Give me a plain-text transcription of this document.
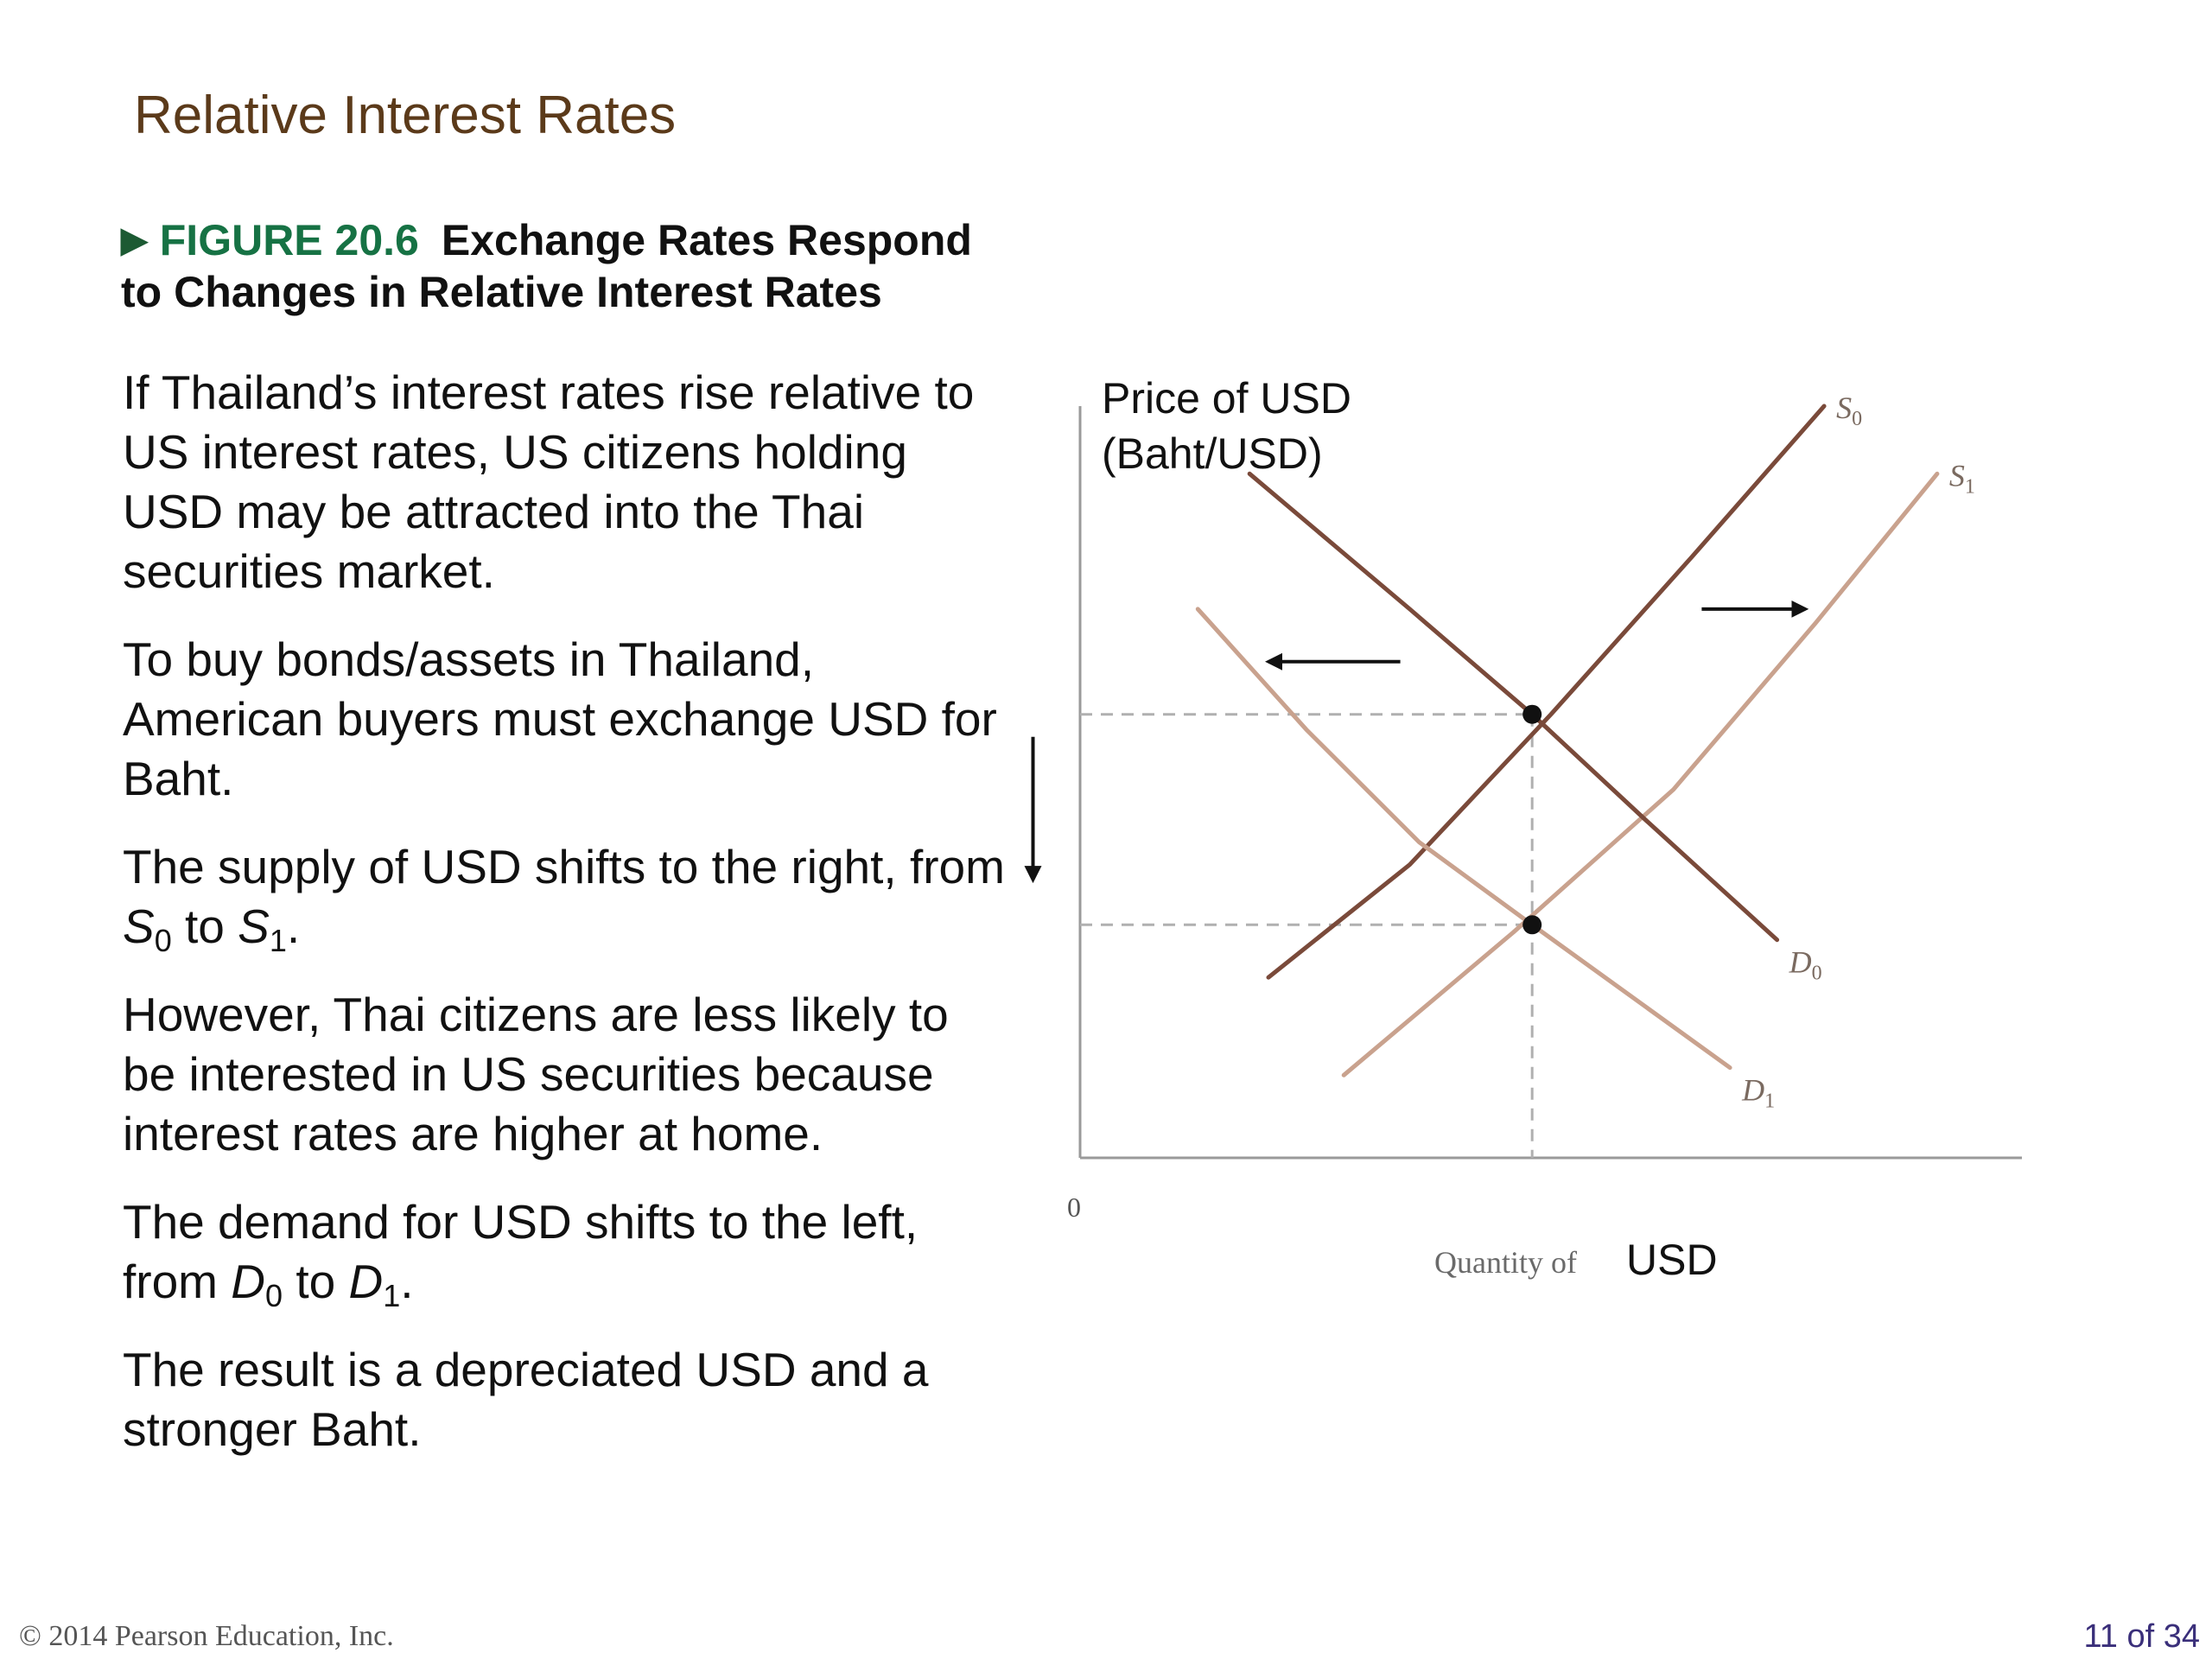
Relative Interest Rates
▶ FIGURE 20.6 Exchange Rates Respond to Changes in Relative Interest Rates

If Thailand’s interest rates rise relative to US interest rates, US citizens holding USD may be attracted into the Thai securities market.

To buy bonds/assets in Thailand, American buyers must exchange USD for Baht.

The supply of USD shifts to the right, from $S_0$ to $S_1$.

However, Thai citizens are less likely to be interested in US securities because interest rates are higher at home.

The demand for USD shifts to the left, from $D_0$ to $D_1$.

The result is a depreciated USD and a stronger Baht.

Price of USD
(Baht/USD)
0
Quantity of USD
$S_0$
$S_1$
$D_0$
$D_1$
© 2014 Pearson Education, Inc.	11 of 34
